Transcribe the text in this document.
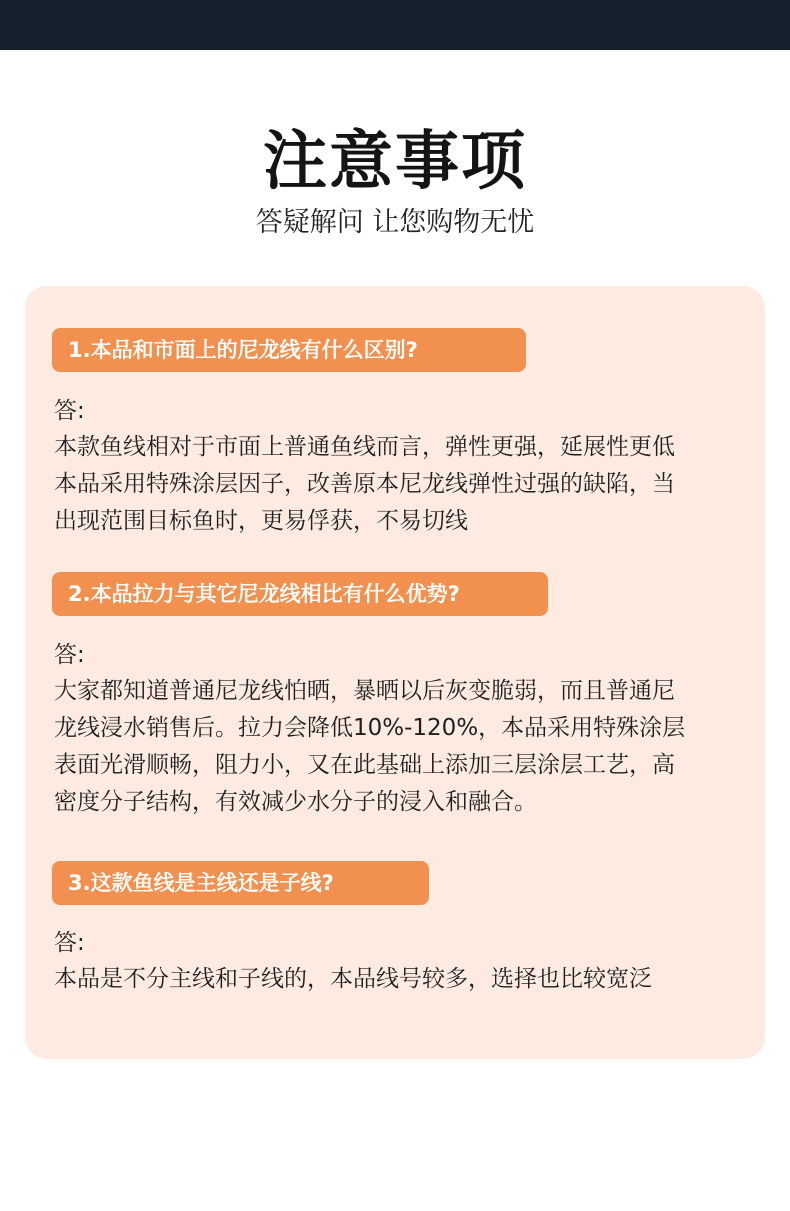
注意事项
答疑解问 让您购物无忧
1.本品和市面上的尼龙线有什么区别?
答:
本款鱼线相对于市面上普通鱼线而言，弹性更强，延展性更低
本品采用特殊涂层因子，改善原本尼龙线弹性过强的缺陷，当
出现范围目标鱼时，更易俘获，不易切线
2.本品拉力与其它尼龙线相比有什么优势?
答:
大家都知道普通尼龙线怕晒，暴晒以后灰变脆弱，而且普通尼
龙线浸水销售后。拉力会降低10%-120%，本品采用特殊涂层
表面光滑顺畅，阻力小，又在此基础上添加三层涂层工艺，高
密度分子结构，有效减少水分子的浸入和融合。
3.这款鱼线是主线还是子线?
答:
本品是不分主线和子线的，本品线号较多，选择也比较宽泛
